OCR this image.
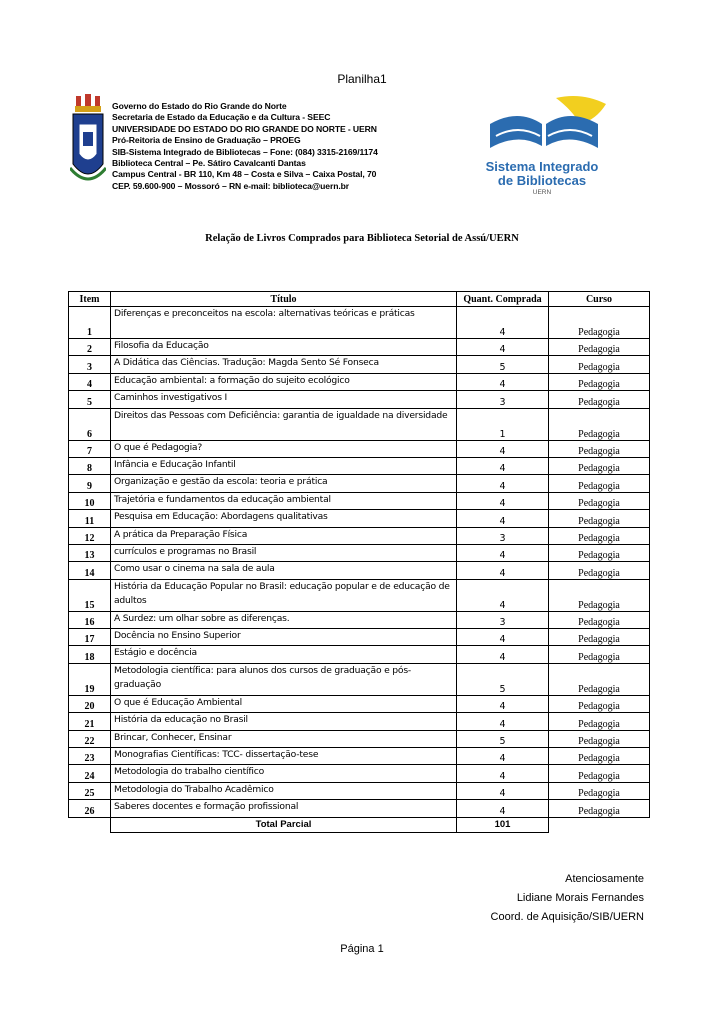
Planilha1
Governo do Estado do Rio Grande do Norte
Secretaria de Estado da Educação e da Cultura - SEEC
UNIVERSIDADE DO ESTADO DO RIO GRANDE DO NORTE - UERN
Pró-Reitoria de Ensino de Graduação – PROEG
SIB-Sistema Integrado de Bibliotecas – Fone: (084) 3315-2169/1174
Biblioteca Central – Pe. Sátiro Cavalcanti Dantas
Campus Central - BR 110, Km 48 – Costa e Silva – Caixa Postal, 70
CEP. 59.600-900 – Mossoró – RN e-mail: biblioteca@uern.br
Sistema Integrado
de Bibliotecas
UERN
Relação de Livros Comprados para Biblioteca Setorial de Assú/UERN
Item	Título	Quant. Comprada	Curso
1	Diferenças e preconceitos na escola: alternativas teóricas e práticas	4	Pedagogia
2	Filosofia da Educação	4	Pedagogia
3	A Didática das Ciências. Tradução: Magda Sento Sé Fonseca	5	Pedagogia
4	Educação ambiental: a formação do sujeito ecológico	4	Pedagogia
5	Caminhos investigativos I	3	Pedagogia
6	Direitos das Pessoas com Deficiência: garantia de igualdade na diversidade	1	Pedagogia
7	O que é Pedagogia?	4	Pedagogia
8	Infância e Educação Infantil	4	Pedagogia
9	Organização e gestão da escola: teoria e prática	4	Pedagogia
10	Trajetória e fundamentos da educação ambiental	4	Pedagogia
11	Pesquisa em Educação: Abordagens qualitativas	4	Pedagogia
12	A prática da Preparação Física	3	Pedagogia
13	currículos e programas no Brasil	4	Pedagogia
14	Como usar o cinema na sala de aula	4	Pedagogia
15	História da Educação Popular no Brasil: educação popular e de educação de adultos	4	Pedagogia
16	A Surdez: um olhar sobre as diferenças.	3	Pedagogia
17	Docência no Ensino Superior	4	Pedagogia
18	Estágio e docência	4	Pedagogia
19	Metodologia científica: para alunos dos cursos de graduação e pós-graduação	5	Pedagogia
20	O que é Educação Ambiental	4	Pedagogia
21	História da educação no Brasil	4	Pedagogia
22	Brincar, Conhecer, Ensinar	5	Pedagogia
23	Monografias Científicas: TCC- dissertação-tese	4	Pedagogia
24	Metodologia do trabalho científico	4	Pedagogia
25	Metodologia do Trabalho Acadêmico	4	Pedagogia
26	Saberes docentes e formação profissional	4	Pedagogia
	Total Parcial	101	
Atenciosamente
Lidiane Morais Fernandes
Coord. de Aquisição/SIB/UERN
Página 1
